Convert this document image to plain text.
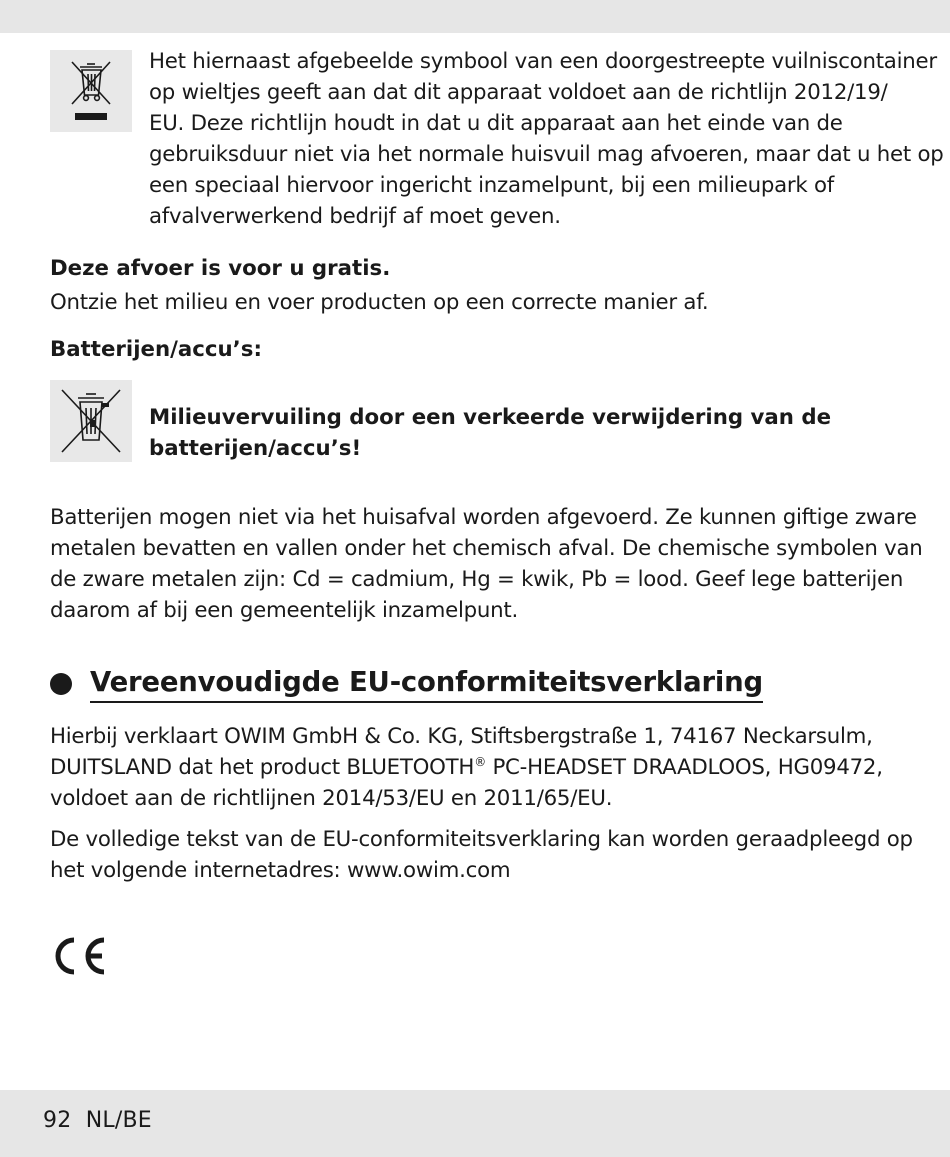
Het hiernaast afgebeelde symbool van een doorgestreepte vuilniscontainer
op wieltjes geeft aan dat dit apparaat voldoet aan de richtlijn 2012/19/
EU. Deze richtlijn houdt in dat u dit apparaat aan het einde van de
gebruiksduur niet via het normale huisvuil mag afvoeren, maar dat u het op
een speciaal hiervoor ingericht inzamelpunt, bij een milieupark of
afvalverwerkend bedrijf af moet geven.

Deze afvoer is voor u gratis.

Ontzie het milieu en voer producten op een correcte manier af.

Batterijen/accu’s:

Milieuvervuiling door een verkeerde verwijdering van de
batterijen/accu’s!

Batterijen mogen niet via het huisafval worden afgevoerd. Ze kunnen giftige zware
metalen bevatten en vallen onder het chemisch afval. De chemische symbolen van
de zware metalen zijn: Cd = cadmium, Hg = kwik, Pb = lood. Geef lege batterijen
daarom af bij een gemeentelijk inzamelpunt.

Vereenvoudigde EU-conformiteitsverklaring

Hierbij verklaart OWIM GmbH & Co. KG, Stiftsbergstraße 1, 74167 Neckarsulm,
DUITSLAND dat het product BLUETOOTH® PC-HEADSET DRAADLOOS, HG09472,
voldoet aan de richtlijnen 2014/53/EU en 2011/65/EU.

De volledige tekst van de EU-conformiteitsverklaring kan worden geraadpleegd op
het volgende internetadres: www.owim.com

92  NL/BE
